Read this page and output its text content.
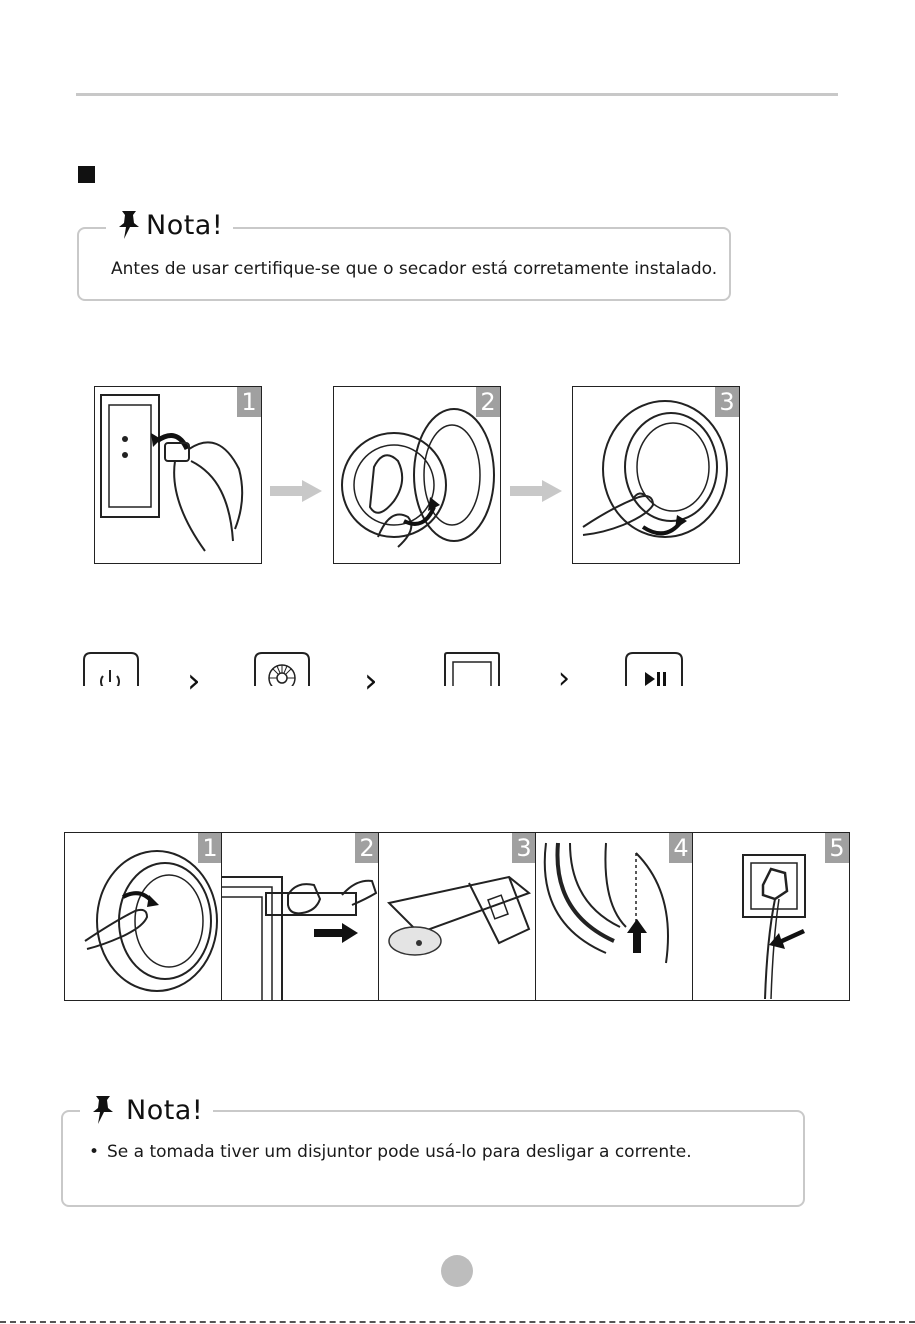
Antes de usar certifique-se que o secador está corretamente instalado.
Nota!
1	2	3
›	›	›
1	2	3	4	5
• Se a tomada tiver um disjuntor pode usá-lo para desligar a corrente.
Nota!
